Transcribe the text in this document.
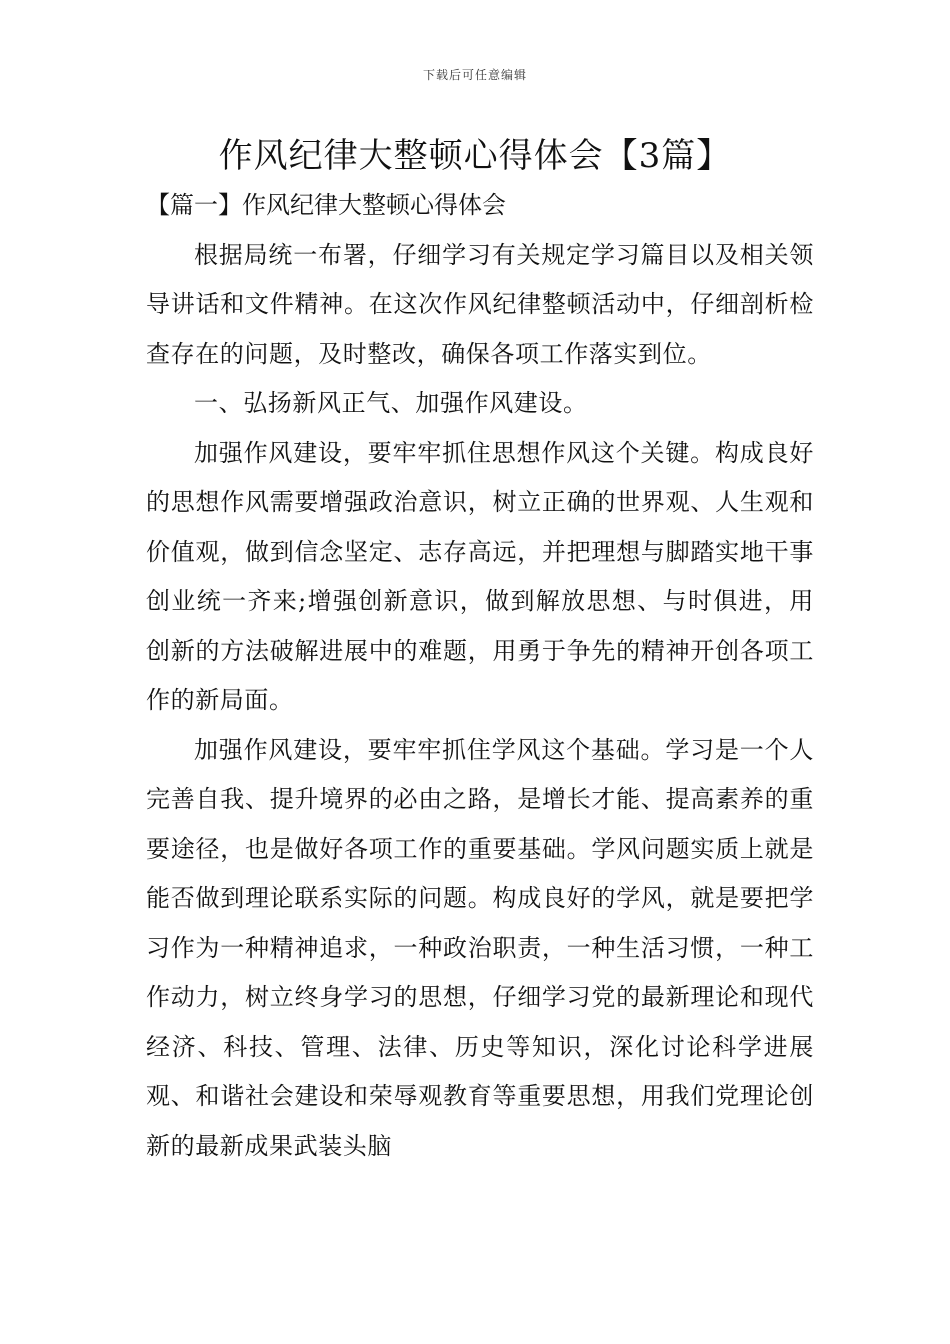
下载后可任意编辑
作风纪律大整顿心得体会【3篇】
【篇一】作风纪律大整顿心得体会

根据局统一布署，仔细学习有关规定学习篇目以及相关领导讲话和文件精神。在这次作风纪律整顿活动中，仔细剖析检查存在的问题，及时整改，确保各项工作落实到位。

一、弘扬新风正气、加强作风建设。

加强作风建设，要牢牢抓住思想作风这个关键。构成良好的思想作风需要增强政治意识，树立正确的世界观、人生观和价值观，做到信念坚定、志存高远，并把理想与脚踏实地干事创业统一齐来;增强创新意识，做到解放思想、与时俱进，用创新的方法破解进展中的难题，用勇于争先的精神开创各项工作的新局面。

加强作风建设，要牢牢抓住学风这个基础。学习是一个人完善自我、提升境界的必由之路，是增长才能、提高素养的重要途径，也是做好各项工作的重要基础。学风问题实质上就是能否做到理论联系实际的问题。构成良好的学风，就是要把学习作为一种精神追求，一种政治职责，一种生活习惯，一种工作动力，树立终身学习的思想，仔细学习党的最新理论和现代经济、科技、管理、法律、历史等知识，深化讨论科学进展观、和谐社会建设和荣辱观教育等重要思想，用我们党理论创新的最新成果武装头脑
